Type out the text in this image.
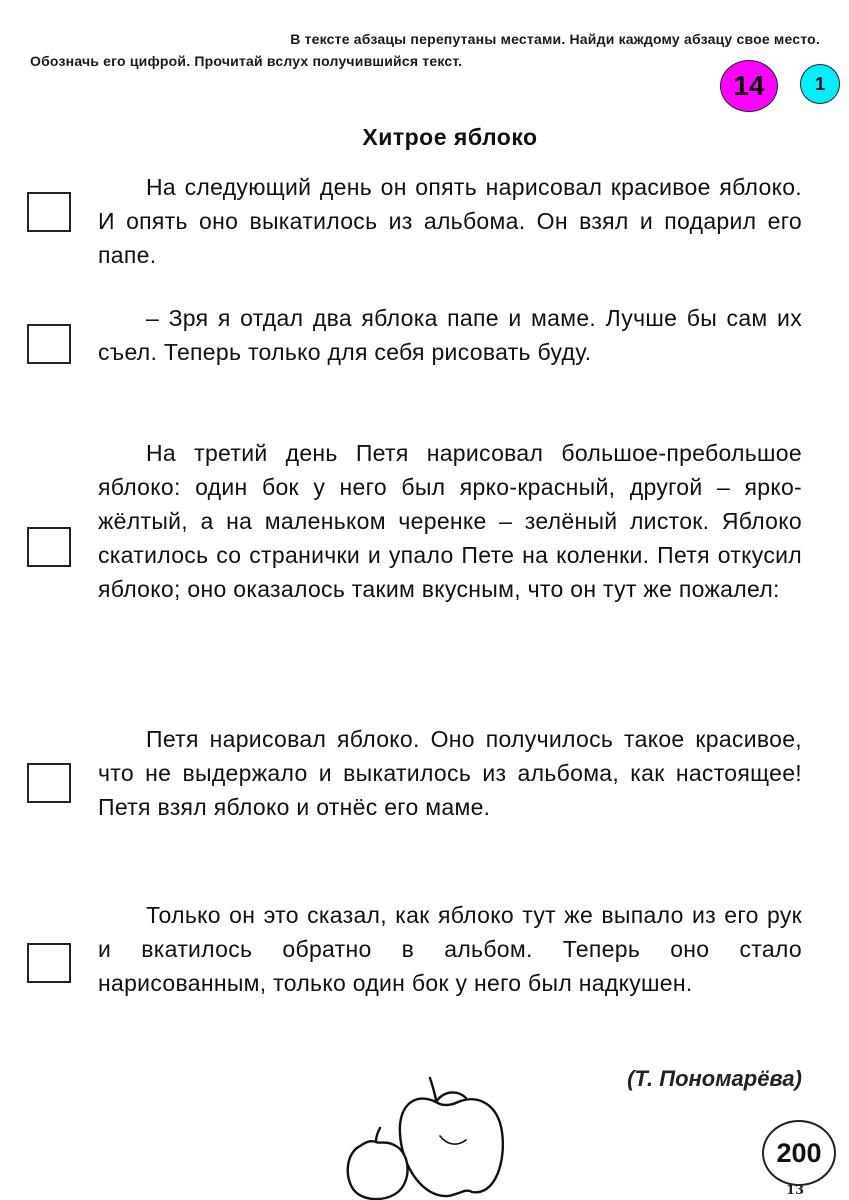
В тексте абзацы перепутаны местами. Найди каждому абзацу свое место.
Обозначь его цифрой. Прочитай вслух получившийся текст.
14	1
Хитрое яблоко
На следующий день он опять нарисовал красивое яблоко. И опять оно выкатилось из альбома. Он взял и подарил его папе.
– Зря я отдал два яблока папе и маме. Лучше бы сам их съел. Теперь только для себя рисовать буду.
На третий день Петя нарисовал большое-пребольшое яблоко: один бок у него был ярко-красный, другой – ярко-жёлтый, а на маленьком черенке – зелёный листок. Яблоко скатилось со странички и упало Пете на коленки. Петя откусил яблоко; оно оказалось таким вкусным, что он тут же пожалел:
Петя нарисовал яблоко. Оно получилось такое красивое, что не выдержало и выкатилось из альбома, как настоящее! Петя взял яблоко и отнёс его маме.
Только он это сказал, как яблоко тут же выпало из его рук и вкатилось обратно в альбом. Теперь оно стало нарисованным, только один бок у него был надкушен.
(Т. Пономарёва)
200
13
